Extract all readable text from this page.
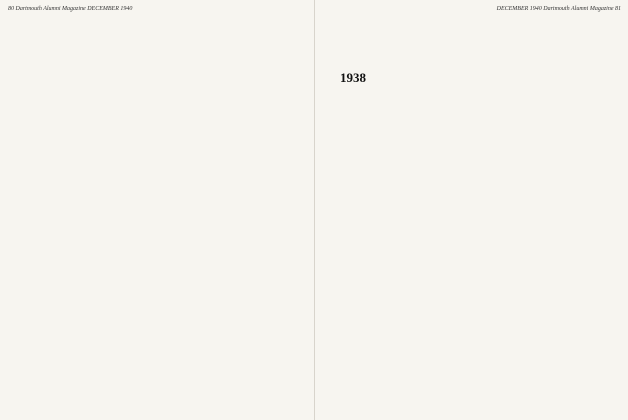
80 Dartmouth Alumni Magazine DECEMBER 1940	DECEMBER 1940 Dartmouth Alumni Magazine 81
1938
